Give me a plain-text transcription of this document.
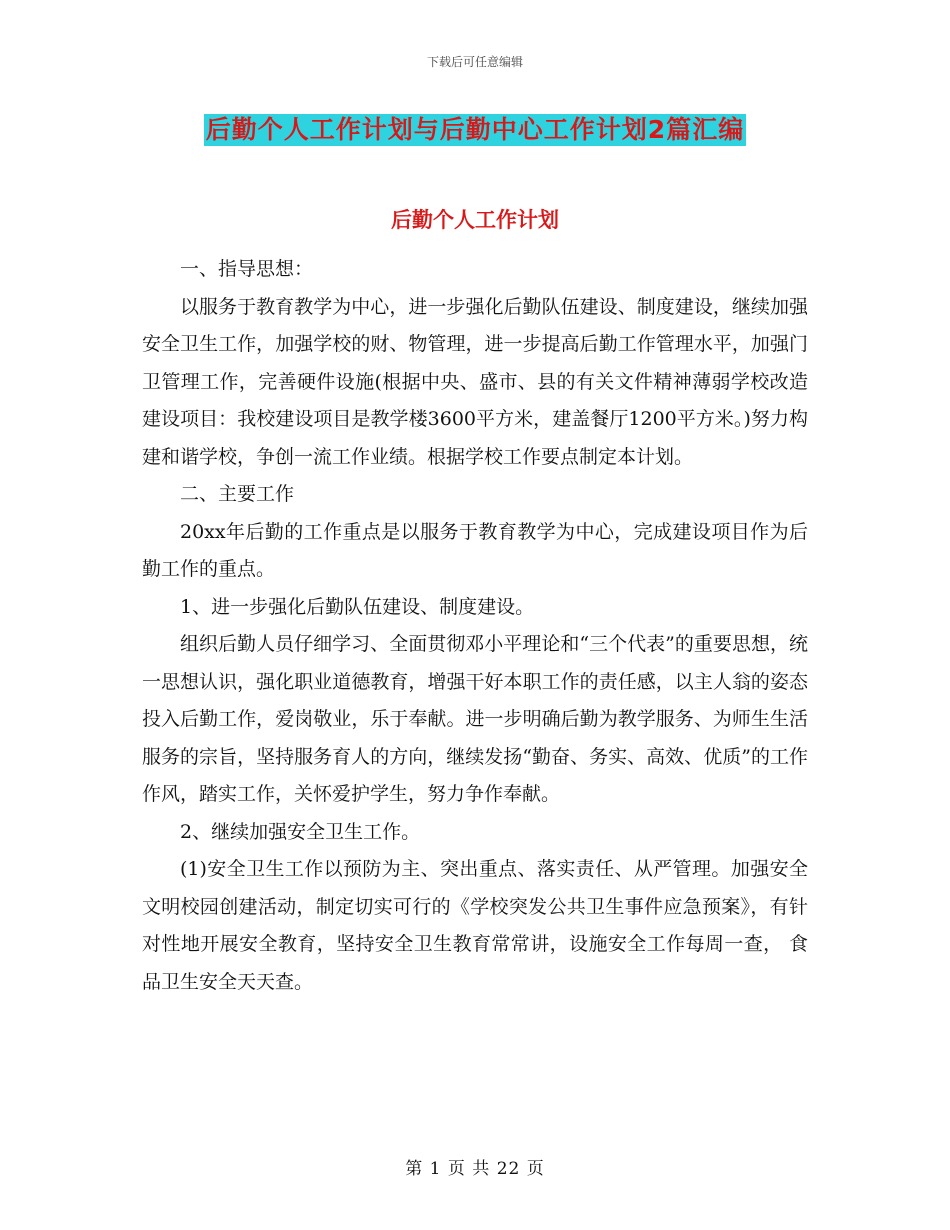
下载后可任意编辑
后勤个人工作计划与后勤中心工作计划2篇汇编
后勤个人工作计划

一、指导思想：

以服务于教育教学为中心，进一步强化后勤队伍建设、制度建设，继续加强安全卫生工作，加强学校的财、物管理，进一步提高后勤工作管理水平，加强门卫管理工作，完善硬件设施(根据中央、盛市、县的有关文件精神薄弱学校改造建设项目：我校建设项目是教学楼3600平方米，建盖餐厅1200平方米。)努力构建和谐学校，争创一流工作业绩。根据学校工作要点制定本计划。

二、主要工作

20xx年后勤的工作重点是以服务于教育教学为中心，完成建设项目作为后勤工作的重点。

1、进一步强化后勤队伍建设、制度建设。

组织后勤人员仔细学习、全面贯彻邓小平理论和“三个代表”的重要思想，统一思想认识，强化职业道德教育，增强干好本职工作的责任感，以主人翁的姿态投入后勤工作，爱岗敬业，乐于奉献。进一步明确后勤为教学服务、为师生生活服务的宗旨，坚持服务育人的方向，继续发扬“勤奋、务实、高效、优质”的工作作风，踏实工作，关怀爱护学生，努力争作奉献。

2、继续加强安全卫生工作。

(1)安全卫生工作以预防为主、突出重点、落实责任、从严管理。加强安全文明校园创建活动，制定切实可行的《学校突发公共卫生事件应急预案》，有针对性地开展安全教育，坚持安全卫生教育常常讲，设施安全工作每周一查， 食品卫生安全天天查。

第 1 页 共 22 页
